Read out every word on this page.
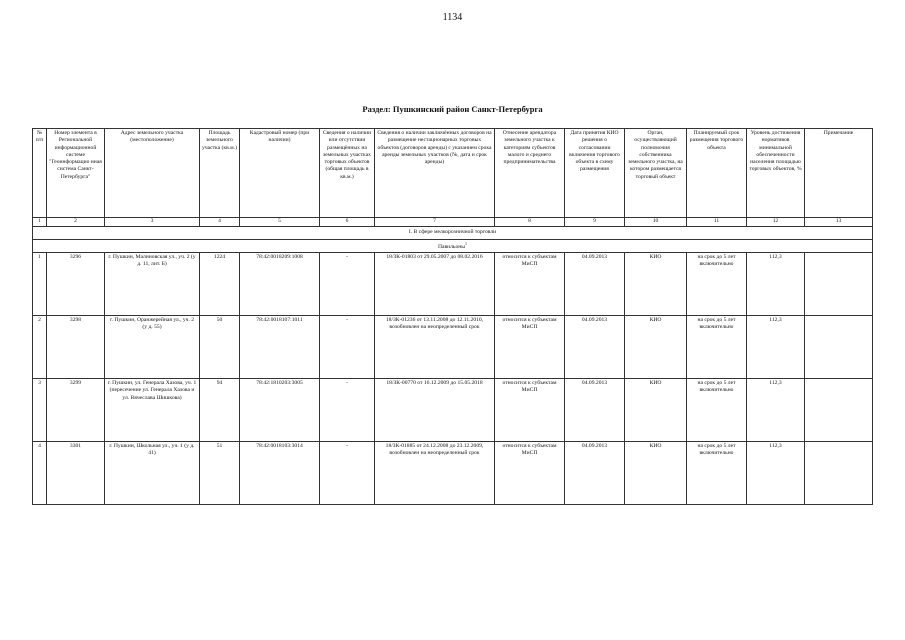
1134
Раздел: Пушкинский район Санкт-Петербурга
№ п/п	Номер элемента в Региональной информационной системе "Геоинформацио нная система Санкт-Петербурга"	Адрес земельного участка (местоположение)	Площадь земельного участка (кв.м.)	Кадастровый номер (при наличии)	Сведения о наличии или отсутствии размещённых на земельных участках торговых объектов (общая площадь в кв.м.)	Сведения о наличии заключённых договоров на размещение нестационарных торговых объектов (договоров аренды) с указанием срока аренды земельных участков (№, дата и срок аренды)	Отнесение арендатора земельного участка к категориям субъектов малого и среднего предпринимательства	Дата принятия КИО решения о согласовании включения торгового объекта в схему размещения	Орган, осуществляющий полномочия собственника земельного участка, на котором размещается торговый объект	Планируемый срок размещения торгового объекта	Уровень достижения нормативов минимальной обеспеченности населения площадью торговых объектов, %	Примечание
1	2	3	4	5	6	7	8	9	10	11	12	13
I. В сфере мелкорозничной торговли												
Павильоны$^1$
1	3296	г. Пушкин, Малиновская ул., уч. 2 (у д. 11, лит. Б)	1224	78:42:0018209:1008	-	18/ЗК-01803 от 29.05.2007 до 08.02.2016	относится к субъектам МиСП	04.09.2013	КИО	на срок до 5 лет включительно	112,3	
2	3298	г. Пушкин, Оранжерейная ул., уч. 2 (у д. 55)	50	78:42:0018107:1011	-	18/ЗК-01236 от 13.11.2008 до 12.11.2010, возобновлен на неопределенный срок	относится к субъектам МиСП	04.09.2013	КИО	на срок до 5 лет включительно	112,3	
3	3299	г. Пушкин, ул. Генерала Хазова, уч. 1 (пересечение ул. Генерала Хазова и ул. Вячеслава Шишкова)	94	78:42:1810203:3005	-	18/ЗК-00770 от 16.12.2009 до 15.05.2018	относится к субъектам МиСП	04.09.2013	КИО	на срок до 5 лет включительно	112,3	
4	3301	г. Пушкин, Школьная ул., уч. 1 (у д. 41)	51	78:42:0018103:3014	-	18/ЗК-01885 от 24.12.2008 до 23.12.2009, возобновлен на неопределенный срок	относится к субъектам МиСП	04.09.2013	КИО	на срок до 5 лет включительно	112,3	
